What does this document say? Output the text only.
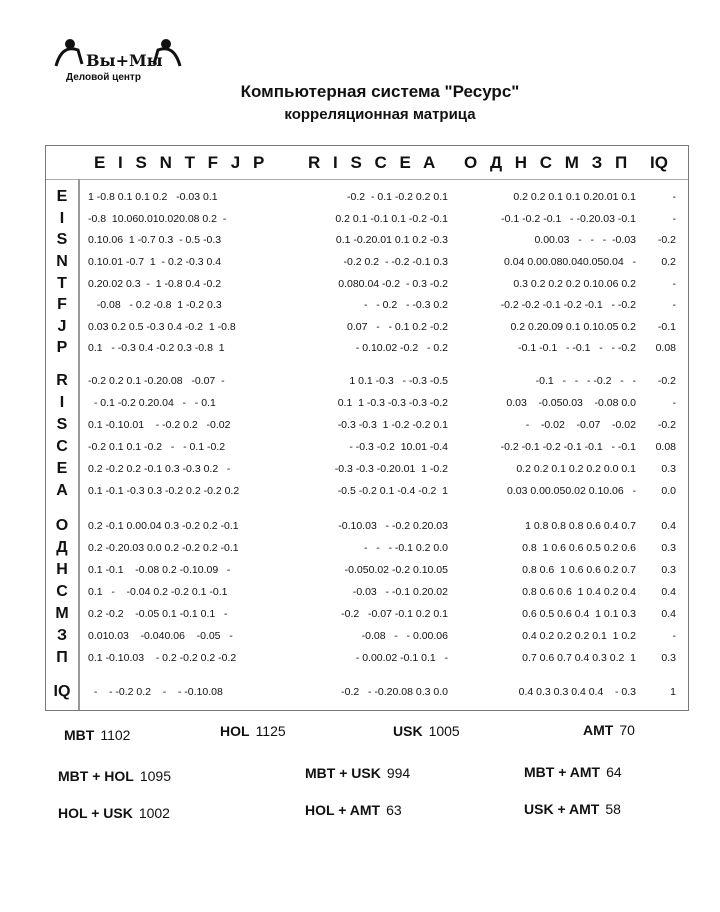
Вы+Мы
Деловой центр
Компьютерная система "Ресурс"
корреляционная матрица
E I S N T F J P R I S C E A О Д Н С М З П IQ
E	1 -0.8 0.1 0.1 0.2   -0.03 0.1	-0.2  - 0.1 -0.2 0.2 0.1	0.2 0.2 0.1 0.1 0.20.01 0.1	-
I	-0.8  10.060.010.020.08 0.2  -	0.2 0.1 -0.1 0.1 -0.2 -0.1	-0.1 -0.2 -0.1   - -0.20.03 -0.1	-
S	0.10.06  1 -0.7 0.3  - 0.5 -0.3	0.1 -0.20.01 0.1 0.2 -0.3	0.00.03   -   -   -  -0.03	-0.2
N	0.10.01 -0.7  1  - 0.2 -0.3 0.4	-0.2 0.2  - -0.2 -0.1 0.3	0.04 0.00.080.040.050.04   -	0.2
T	0.20.02 0.3  -  1 -0.8 0.4 -0.2	0.080.04 -0.2  - 0.3 -0.2	0.3 0.2 0.2 0.2 0.10.06 0.2	-
F	-0.08   - 0.2 -0.8  1 -0.2 0.3	-   - 0.2   - -0.3 0.2	-0.2 -0.2 -0.1 -0.2 -0.1   - -0.2	-
J	0.03 0.2 0.5 -0.3 0.4 -0.2  1 -0.8	0.07   -   - 0.1 0.2 -0.2	0.2 0.20.09 0.1 0.10.05 0.2	-0.1
P	0.1   - -0.3 0.4 -0.2 0.3 -0.8  1	- 0.10.02 -0.2   - 0.2	-0.1 -0.1   - -0.1   -   - -0.2	0.08
R	-0.2 0.2 0.1 -0.20.08   -0.07  -	1 0.1 -0.3   - -0.3 -0.5	-0.1   -   -   - -0.2   -   -	-0.2
I	- 0.1 -0.2 0.20.04   -   - 0.1	0.1  1 -0.3 -0.3 -0.3 -0.2	0.03    -0.050.03    -0.08 0.0	-
S	0.1 -0.10.01    - -0.2 0.2   -0.02	-0.3 -0.3  1 -0.2 -0.2 0.1	-    -0.02    -0.07    -0.02	-0.2
C	-0.2 0.1 0.1 -0.2   -   - 0.1 -0.2	- -0.3 -0.2  10.01 -0.4	-0.2 -0.1 -0.2 -0.1 -0.1   - -0.1	0.08
E	0.2 -0.2 0.2 -0.1 0.3 -0.3 0.2   -	-0.3 -0.3 -0.20.01  1 -0.2	0.2 0.2 0.1 0.2 0.2 0.0 0.1	0.3
A	0.1 -0.1 -0.3 0.3 -0.2 0.2 -0.2 0.2	-0.5 -0.2 0.1 -0.4 -0.2  1	0.03 0.00.050.02 0.10.06   -	0.0
О	0.2 -0.1 0.00.04 0.3 -0.2 0.2 -0.1	-0.10.03   - -0.2 0.20.03	1 0.8 0.8 0.8 0.6 0.4 0.7	0.4
Д	0.2 -0.20.03 0.0 0.2 -0.2 0.2 -0.1	-   -   - -0.1 0.2 0.0	0.8  1 0.6 0.6 0.5 0.2 0.6	0.3
Н	0.1 -0.1    -0.08 0.2 -0.10.09   -	-0.050.02 -0.2 0.10.05	0.8 0.6  1 0.6 0.6 0.2 0.7	0.3
С	0.1   -    -0.04 0.2 -0.2 0.1 -0.1	-0.03   - -0.1 0.20.02	0.8 0.6 0.6  1 0.4 0.2 0.4	0.4
М	0.2 -0.2    -0.05 0.1 -0.1 0.1   -	-0.2   -0.07 -0.1 0.2 0.1	0.6 0.5 0.6 0.4  1 0.1 0.3	0.4
З	0.010.03    -0.040.06    -0.05   -	-0.08   -   - 0.00.06	0.4 0.2 0.2 0.2 0.1  1 0.2	-
П	0.1 -0.10.03    - 0.2 -0.2 0.2 -0.2	- 0.00.02 -0.1 0.1   -	0.7 0.6 0.7 0.4 0.3 0.2  1	0.3
IQ	-    - -0.2 0.2    -    - -0.10.08	-0.2   - -0.20.08 0.3 0.0	0.4 0.3 0.3 0.4 0.4    - 0.3	1
MBT 1102	HOL 1125	USK 1005	AMT 70
MBT + HOL 1095	MBT + USK 994	MBT + AMT 64
HOL + USK 1002	HOL + AMT 63	USK + AMT 58
